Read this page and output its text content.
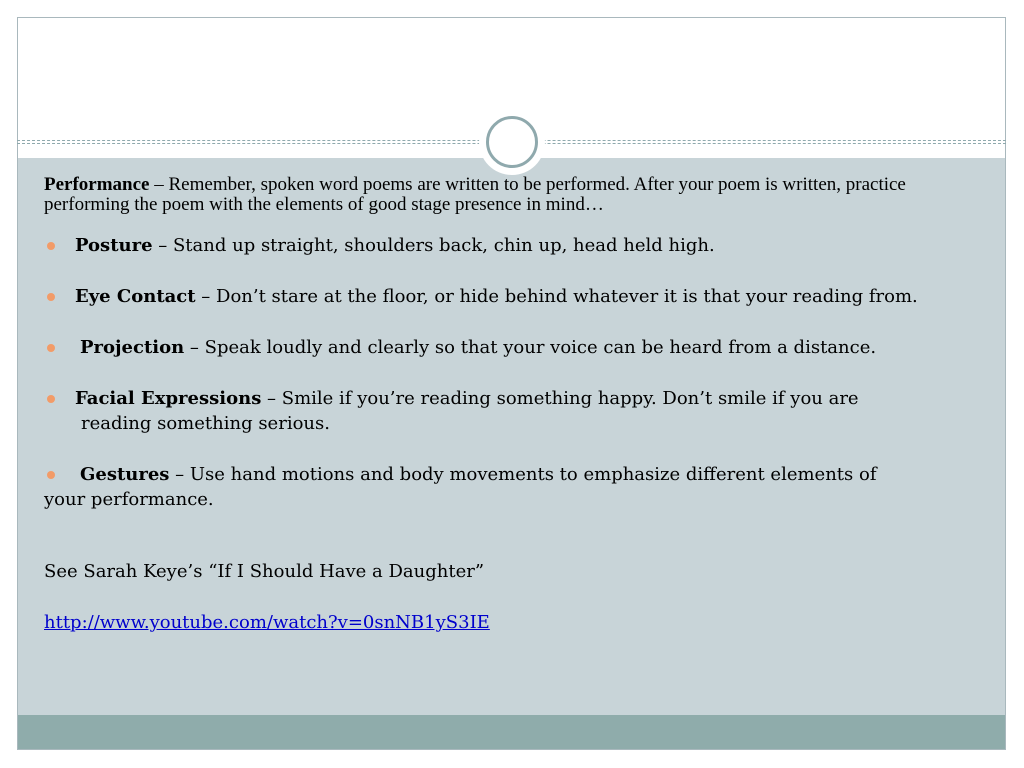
Performance – Remember, spoken word poems are written to be performed. After your poem is written, practice performing the poem with the elements of good stage presence in mind…

Posture – Stand up straight, shoulders back, chin up, head held high.

Eye Contact – Don’t stare at the floor, or hide behind whatever it is that your reading from.

Projection – Speak loudly and clearly so that your voice can be heard from a distance.

Facial Expressions – Smile if you’re reading something happy. Don’t smile if you are

reading something serious.

Gestures – Use hand motions and body movements to emphasize different elements of

your performance.

See Sarah Keye’s “If I Should Have a Daughter”

http://www.youtube.com/watch?v=0snNB1yS3IE
